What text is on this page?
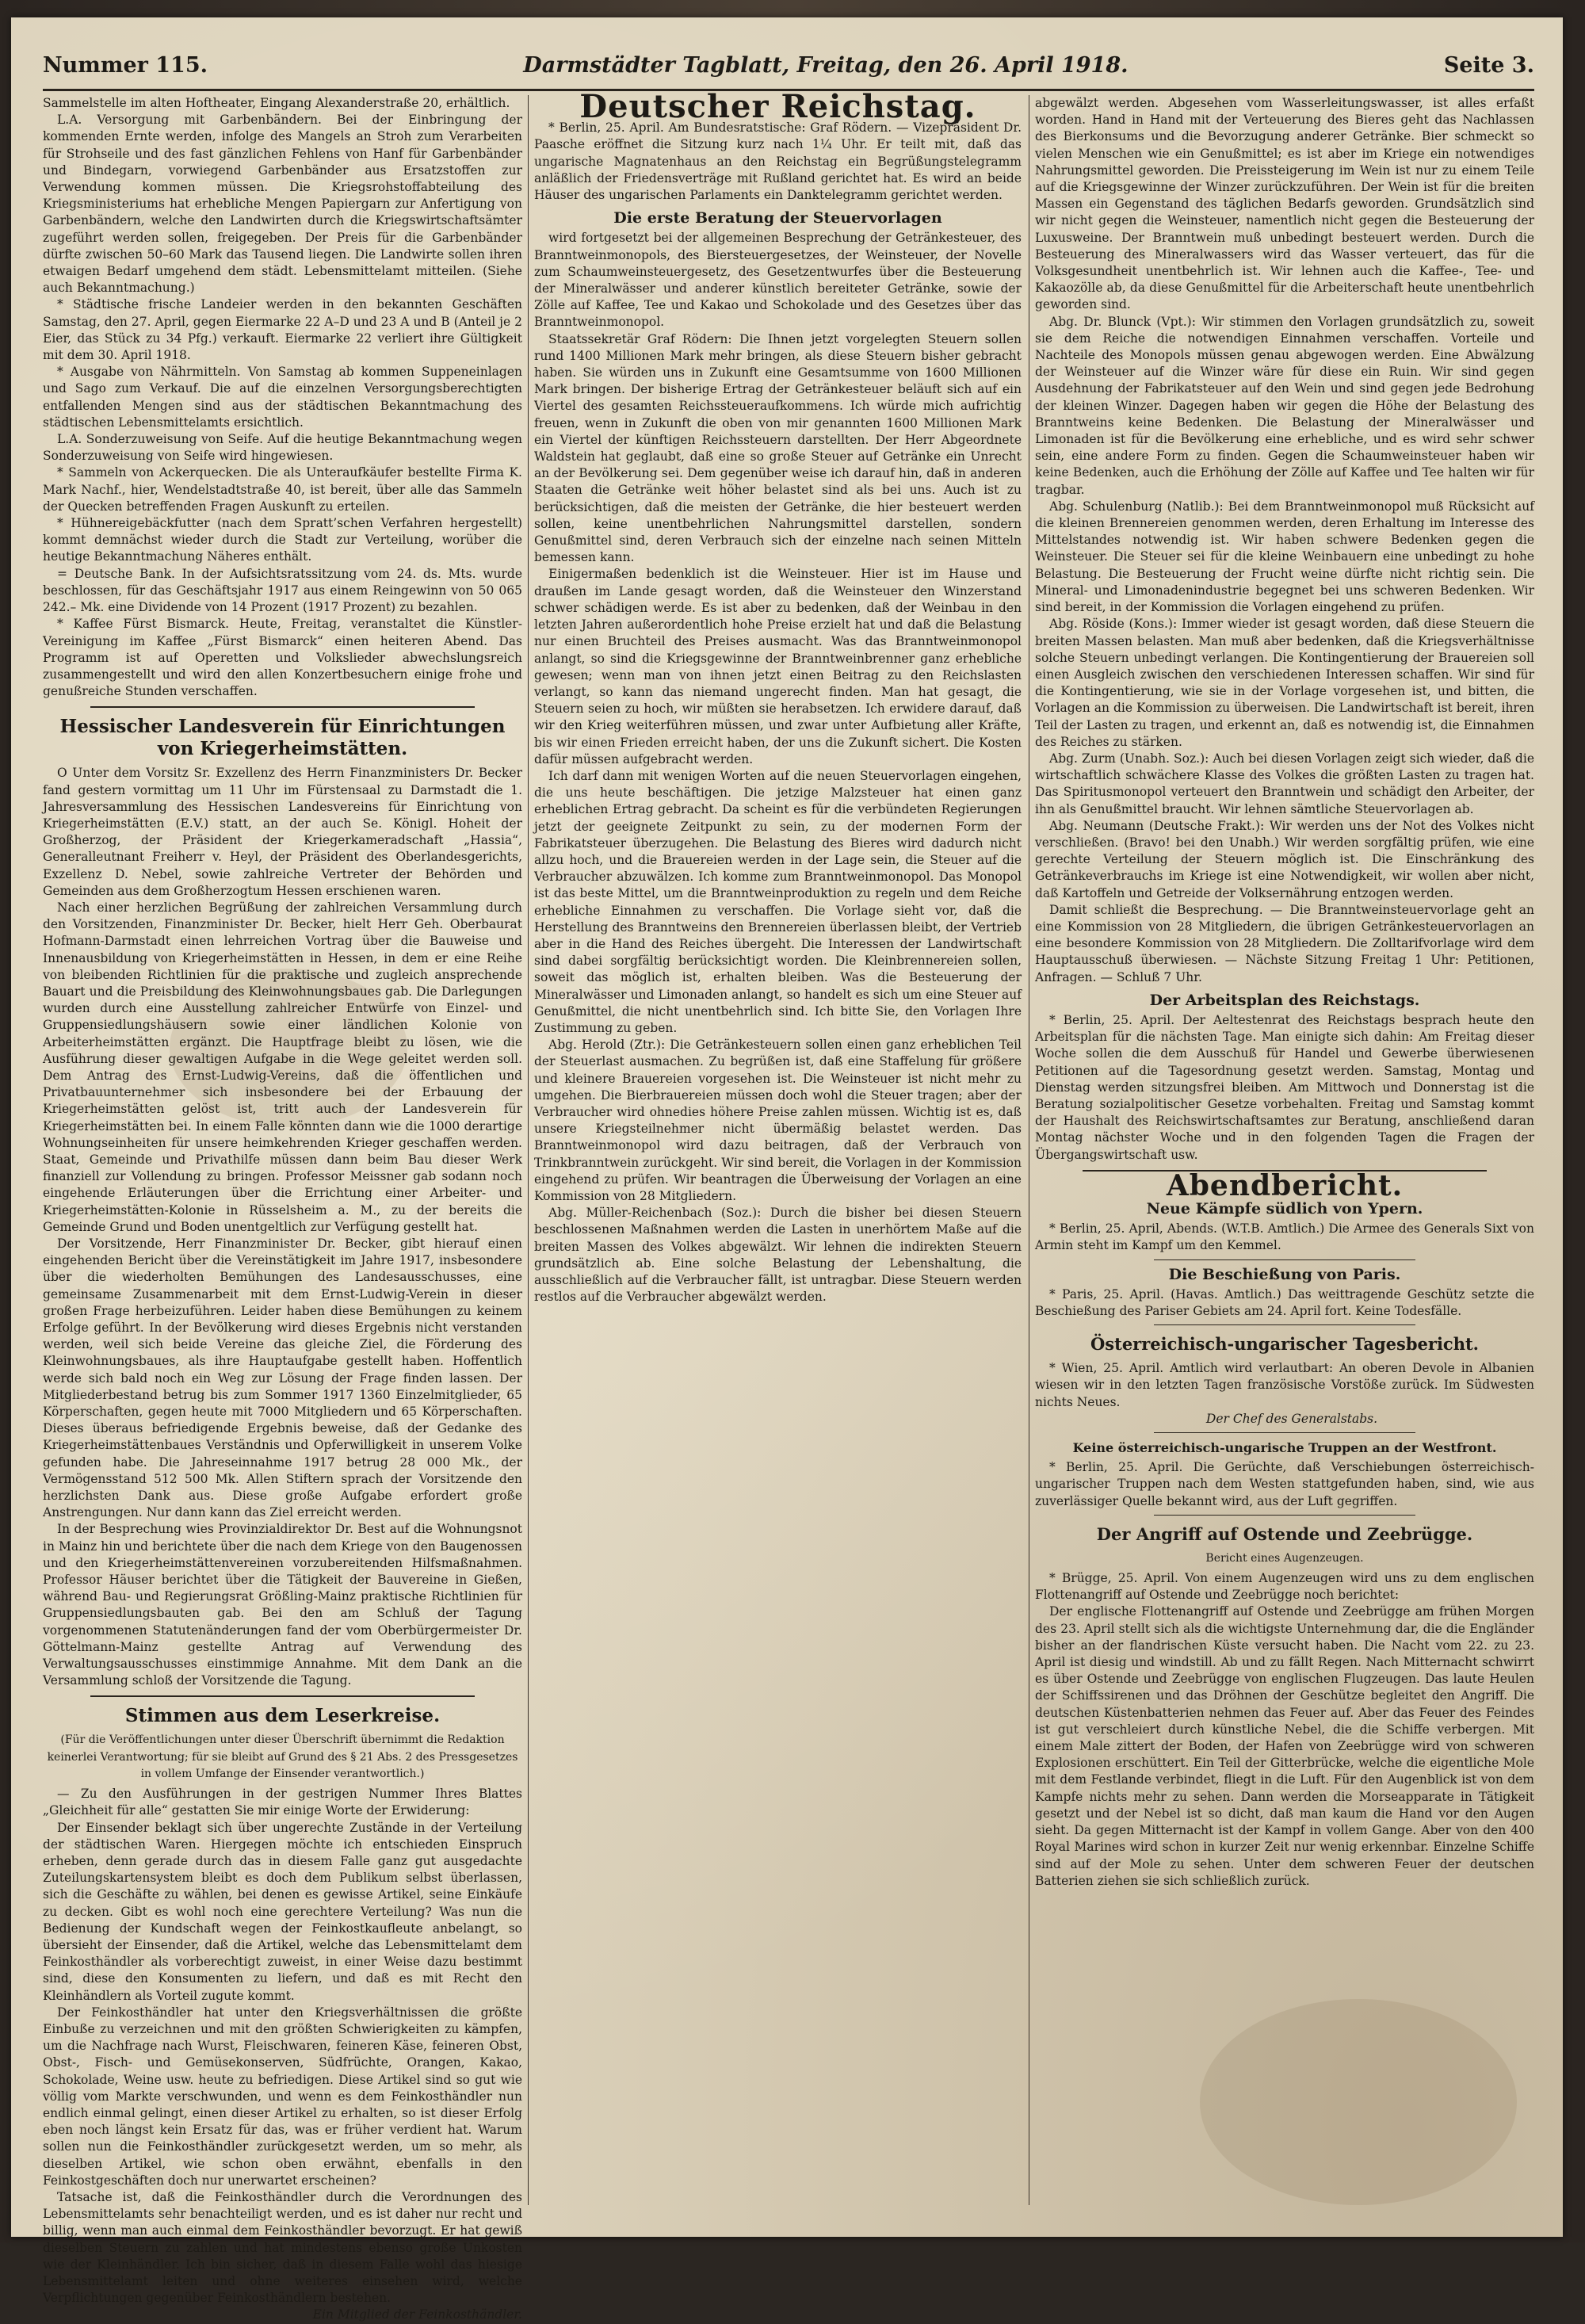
Nummer 115.	Darmstädter Tagblatt, Freitag, den 26. April 1918.	Seite 3.

Sammelstelle im alten Hoftheater, Eingang Alexanderstraße 20, erhältlich.

L.A. Versorgung mit Garbenbändern. Bei der Einbringung der kommenden Ernte werden, infolge des Mangels an Stroh zum Verarbeiten für Strohseile und des fast gänzlichen Fehlens von Hanf für Garbenbänder und Bindegarn, vorwiegend Garbenbänder aus Ersatzstoffen zur Verwendung kommen müssen. Die Kriegsrohstoffabteilung des Kriegsministeriums hat erhebliche Mengen Papiergarn zur Anfertigung von Garbenbändern, welche den Landwirten durch die Kriegswirtschaftsämter zugeführt werden sollen, freigegeben. Der Preis für die Garbenbänder dürfte zwischen 50–60 Mark das Tausend liegen. Die Landwirte sollen ihren etwaigen Bedarf umgehend dem städt. Lebensmittelamt mitteilen. (Siehe auch Bekanntmachung.)

* Städtische frische Landeier werden in den bekannten Geschäften Samstag, den 27. April, gegen Eiermarke 22 A–D und 23 A und B (Anteil je 2 Eier, das Stück zu 34 Pfg.) verkauft. Eiermarke 22 verliert ihre Gültigkeit mit dem 30. April 1918.

* Ausgabe von Nährmitteln. Von Samstag ab kommen Suppeneinlagen und Sago zum Verkauf. Die auf die einzelnen Versorgungsberechtigten entfallenden Mengen sind aus der städtischen Bekanntmachung des städtischen Lebensmittelamts ersichtlich.

L.A. Sonderzuweisung von Seife. Auf die heutige Bekanntmachung wegen Sonderzuweisung von Seife wird hingewiesen.

* Sammeln von Ackerquecken. Die als Unteraufkäufer bestellte Firma K. Mark Nachf., hier, Wendelstadtstraße 40, ist bereit, über alle das Sammeln der Quecken betreffenden Fragen Auskunft zu erteilen.

* Hühnereigebäckfutter (nach dem Spratt’schen Verfahren hergestellt) kommt demnächst wieder durch die Stadt zur Verteilung, worüber die heutige Bekanntmachung Näheres enthält.

= Deutsche Bank. In der Aufsichtsratssitzung vom 24. ds. Mts. wurde beschlossen, für das Geschäftsjahr 1917 aus einem Reingewinn von 50 065 242.– Mk. eine Dividende von 14 Prozent (1917 Prozent) zu bezahlen.

* Kaffee Fürst Bismarck. Heute, Freitag, veranstaltet die Künstler-Vereinigung im Kaffee „Fürst Bismarck“ einen heiteren Abend. Das Programm ist auf Operetten und Volkslieder abwechslungsreich zusammengestellt und wird den allen Konzertbesuchern einige frohe und genußreiche Stunden verschaffen.

Hessischer Landesverein für Einrichtungen von Kriegerheimstätten.

O Unter dem Vorsitz Sr. Exzellenz des Herrn Finanzministers Dr. Becker fand gestern vormittag um 11 Uhr im Fürstensaal zu Darmstadt die 1. Jahresversammlung des Hessischen Landesvereins für Einrichtung von Kriegerheimstätten (E.V.) statt, an der auch Se. Königl. Hoheit der Großherzog, der Präsident der Kriegerkameradschaft „Hassia“, Generalleutnant Freiherr v. Heyl, der Präsident des Oberlandesgerichts, Exzellenz D. Nebel, sowie zahlreiche Vertreter der Behörden und Gemeinden aus dem Großherzogtum Hessen erschienen waren.

Nach einer herzlichen Begrüßung der zahlreichen Versammlung durch den Vorsitzenden, Finanzminister Dr. Becker, hielt Herr Geh. Oberbaurat Hofmann-Darmstadt einen lehrreichen Vortrag über die Bauweise und Innenausbildung von Kriegerheimstätten in Hessen, in dem er eine Reihe von bleibenden Richtlinien für die praktische und zugleich ansprechende Bauart und die Preisbildung des Kleinwohnungsbaues gab. Die Darlegungen wurden durch eine Ausstellung zahlreicher Entwürfe von Einzel- und Gruppensiedlungshäusern sowie einer ländlichen Kolonie von Arbeiterheimstätten ergänzt. Die Hauptfrage bleibt zu lösen, wie die Ausführung dieser gewaltigen Aufgabe in die Wege geleitet werden soll. Dem Antrag des Ernst-Ludwig-Vereins, daß die öffentlichen und Privatbauunternehmer sich insbesondere bei der Erbauung der Kriegerheimstätten gelöst ist, tritt auch der Landesverein für Kriegerheimstätten bei. In einem Falle könnten dann wie die 1000 derartige Wohnungseinheiten für unsere heimkehrenden Krieger geschaffen werden. Staat, Gemeinde und Privathilfe müssen dann beim Bau dieser Werk finanziell zur Vollendung zu bringen. Professor Meissner gab sodann noch eingehende Erläuterungen über die Errichtung einer Arbeiter- und Kriegerheimstätten-Kolonie in Rüsselsheim a. M., zu der bereits die Gemeinde Grund und Boden unentgeltlich zur Verfügung gestellt hat.

Der Vorsitzende, Herr Finanzminister Dr. Becker, gibt hierauf einen eingehenden Bericht über die Vereinstätigkeit im Jahre 1917, insbesondere über die wiederholten Bemühungen des Landesausschusses, eine gemeinsame Zusammenarbeit mit dem Ernst-Ludwig-Verein in dieser großen Frage herbeizuführen. Leider haben diese Bemühungen zu keinem Erfolge geführt. In der Bevölkerung wird dieses Ergebnis nicht verstanden werden, weil sich beide Vereine das gleiche Ziel, die Förderung des Kleinwohnungsbaues, als ihre Hauptaufgabe gestellt haben. Hoffentlich werde sich bald noch ein Weg zur Lösung der Frage finden lassen. Der Mitgliederbestand betrug bis zum Sommer 1917 1360 Einzelmitglieder, 65 Körperschaften, gegen heute mit 7000 Mitgliedern und 65 Körperschaften. Dieses überaus befriedigende Ergebnis beweise, daß der Gedanke des Kriegerheimstättenbaues Verständnis und Opferwilligkeit in unserem Volke gefunden habe. Die Jahreseinnahme 1917 betrug 28 000 Mk., der Vermögensstand 512 500 Mk. Allen Stiftern sprach der Vorsitzende den herzlichsten Dank aus. Diese große Aufgabe erfordert große Anstrengungen. Nur dann kann das Ziel erreicht werden.

In der Besprechung wies Provinzialdirektor Dr. Best auf die Wohnungsnot in Mainz hin und berichtete über die nach dem Kriege von den Baugenossen und den Kriegerheimstättenvereinen vorzubereitenden Hilfsmaßnahmen. Professor Häuser berichtet über die Tätigkeit der Bauvereine in Gießen, während Bau- und Regierungsrat Größling-Mainz praktische Richtlinien für Gruppensiedlungsbauten gab. Bei den am Schluß der Tagung vorgenommenen Statutenänderungen fand der vom Oberbürgermeister Dr. Göttelmann-Mainz gestellte Antrag auf Verwendung des Verwaltungsausschusses einstimmige Annahme. Mit dem Dank an die Versammlung schloß der Vorsitzende die Tagung.

Stimmen aus dem Leserkreise.
(Für die Veröffentlichungen unter dieser Überschrift übernimmt die Redaktion keinerlei Verantwortung; für sie bleibt auf Grund des § 21 Abs. 2 des Pressgesetzes in vollem Umfange der Einsender verantwortlich.)

— Zu den Ausführungen in der gestrigen Nummer Ihres Blattes „Gleichheit für alle“ gestatten Sie mir einige Worte der Erwiderung:

Der Einsender beklagt sich über ungerechte Zustände in der Verteilung der städtischen Waren. Hiergegen möchte ich entschieden Einspruch erheben, denn gerade durch das in diesem Falle ganz gut ausgedachte Zuteilungskartensystem bleibt es doch dem Publikum selbst überlassen, sich die Geschäfte zu wählen, bei denen es gewisse Artikel, seine Einkäufe zu decken. Gibt es wohl noch eine gerechtere Verteilung? Was nun die Bedienung der Kundschaft wegen der Feinkostkaufleute anbelangt, so übersieht der Einsender, daß die Artikel, welche das Lebensmittelamt dem Feinkosthändler als vorberechtigt zuweist, in einer Weise dazu bestimmt sind, diese den Konsumenten zu liefern, und daß es mit Recht den Kleinhändlern als Vorteil zugute kommt.

Der Feinkosthändler hat unter den Kriegsverhältnissen die größte Einbuße zu verzeichnen und mit den größten Schwierigkeiten zu kämpfen, um die Nachfrage nach Wurst, Fleischwaren, feineren Käse, feineren Obst, Obst-, Fisch- und Gemüsekonserven, Südfrüchte, Orangen, Kakao, Schokolade, Weine usw. heute zu befriedigen. Diese Artikel sind so gut wie völlig vom Markte verschwunden, und wenn es dem Feinkosthändler nun endlich einmal gelingt, einen dieser Artikel zu erhalten, so ist dieser Erfolg eben noch längst kein Ersatz für das, was er früher verdient hat. Warum sollen nun die Feinkosthändler zurückgesetzt werden, um so mehr, als dieselben Artikel, wie schon oben erwähnt, ebenfalls in den Feinkostgeschäften doch nur unerwartet erscheinen?

Tatsache ist, daß die Feinkosthändler durch die Verordnungen des Lebensmittelamts sehr benachteiligt werden, und es ist daher nur recht und billig, wenn man auch einmal dem Feinkosthändler bevorzugt. Er hat gewiß dieselben Steuern zu zahlen und hat mindestens ebenso große Unkosten wie der Kleinhändler. Ich bin sicher, daß in diesem Falle wohl das hiesige Lebensmittelamt leiten und ohne weiteres einsehen wird, welche Verpflichtungen gegenüber Feinkosthändlern bestehen.

Ein Mitglied der Feinkosthändler.

Deutscher Reichstag.

* Berlin, 25. April. Am Bundesratstische: Graf Rödern. — Vizepräsident Dr. Paasche eröffnet die Sitzung kurz nach 1¼ Uhr. Er teilt mit, daß das ungarische Magnatenhaus an den Reichstag ein Begrüßungstelegramm anläßlich der Friedensverträge mit Rußland gerichtet hat. Es wird an beide Häuser des ungarischen Parlaments ein Danktelegramm gerichtet werden.

Die erste Beratung der Steuervorlagen

wird fortgesetzt bei der allgemeinen Besprechung der Getränkesteuer, des Branntweinmonopols, des Biersteuergesetzes, der Weinsteuer, der Novelle zum Schaumweinsteuergesetz, des Gesetzentwurfes über die Besteuerung der Mineralwässer und anderer künstlich bereiteter Getränke, sowie der Zölle auf Kaffee, Tee und Kakao und Schokolade und des Gesetzes über das Branntweinmonopol.

Staatssekretär Graf Rödern: Die Ihnen jetzt vorgelegten Steuern sollen rund 1400 Millionen Mark mehr bringen, als diese Steuern bisher gebracht haben. Sie würden uns in Zukunft eine Gesamtsumme von 1600 Millionen Mark bringen. Der bisherige Ertrag der Getränkesteuer beläuft sich auf ein Viertel des gesamten Reichssteueraufkommens. Ich würde mich aufrichtig freuen, wenn in Zukunft die oben von mir genannten 1600 Millionen Mark ein Viertel der künftigen Reichssteuern darstellten. Der Herr Abgeordnete Waldstein hat geglaubt, daß eine so große Steuer auf Getränke ein Unrecht an der Bevölkerung sei. Dem gegenüber weise ich darauf hin, daß in anderen Staaten die Getränke weit höher belastet sind als bei uns. Auch ist zu berücksichtigen, daß die meisten der Getränke, die hier besteuert werden sollen, keine unentbehrlichen Nahrungsmittel darstellen, sondern Genußmittel sind, deren Verbrauch sich der einzelne nach seinen Mitteln bemessen kann.

Einigermaßen bedenklich ist die Weinsteuer. Hier ist im Hause und draußen im Lande gesagt worden, daß die Weinsteuer den Winzerstand schwer schädigen werde. Es ist aber zu bedenken, daß der Weinbau in den letzten Jahren außerordentlich hohe Preise erzielt hat und daß die Belastung nur einen Bruchteil des Preises ausmacht. Was das Branntweinmonopol anlangt, so sind die Kriegsgewinne der Branntweinbrenner ganz erhebliche gewesen; wenn man von ihnen jetzt einen Beitrag zu den Reichslasten verlangt, so kann das niemand ungerecht finden. Man hat gesagt, die Steuern seien zu hoch, wir müßten sie herabsetzen. Ich erwidere darauf, daß wir den Krieg weiterführen müssen, und zwar unter Aufbietung aller Kräfte, bis wir einen Frieden erreicht haben, der uns die Zukunft sichert. Die Kosten dafür müssen aufgebracht werden.

Ich darf dann mit wenigen Worten auf die neuen Steuervorlagen eingehen, die uns heute beschäftigen. Die jetzige Malzsteuer hat einen ganz erheblichen Ertrag gebracht. Da scheint es für die verbündeten Regierungen jetzt der geeignete Zeitpunkt zu sein, zu der modernen Form der Fabrikatsteuer überzugehen. Die Belastung des Bieres wird dadurch nicht allzu hoch, und die Brauereien werden in der Lage sein, die Steuer auf die Verbraucher abzuwälzen. Ich komme zum Branntweinmonopol. Das Monopol ist das beste Mittel, um die Branntweinproduktion zu regeln und dem Reiche erhebliche Einnahmen zu verschaffen. Die Vorlage sieht vor, daß die Herstellung des Branntweins den Brennereien überlassen bleibt, der Vertrieb aber in die Hand des Reiches übergeht. Die Interessen der Landwirtschaft sind dabei sorgfältig berücksichtigt worden. Die Kleinbrennereien sollen, soweit das möglich ist, erhalten bleiben. Was die Besteuerung der Mineralwässer und Limonaden anlangt, so handelt es sich um eine Steuer auf Genußmittel, die nicht unentbehrlich sind. Ich bitte Sie, den Vorlagen Ihre Zustimmung zu geben.

Abg. Herold (Ztr.): Die Getränkesteuern sollen einen ganz erheblichen Teil der Steuerlast ausmachen. Zu begrüßen ist, daß eine Staffelung für größere und kleinere Brauereien vorgesehen ist. Die Weinsteuer ist nicht mehr zu umgehen. Die Bierbrauereien müssen doch wohl die Steuer tragen; aber der Verbraucher wird ohnedies höhere Preise zahlen müssen. Wichtig ist es, daß unsere Kriegsteilnehmer nicht übermäßig belastet werden. Das Branntweinmonopol wird dazu beitragen, daß der Verbrauch von Trinkbranntwein zurückgeht. Wir sind bereit, die Vorlagen in der Kommission eingehend zu prüfen. Wir beantragen die Überweisung der Vorlagen an eine Kommission von 28 Mitgliedern.

Abg. Müller-Reichenbach (Soz.): Durch die bisher bei diesen Steuern beschlossenen Maßnahmen werden die Lasten in unerhörtem Maße auf die breiten Massen des Volkes abgewälzt. Wir lehnen die indirekten Steuern grundsätzlich ab. Eine solche Belastung der Lebenshaltung, die ausschließlich auf die Verbraucher fällt, ist untragbar. Diese Steuern werden restlos auf die Verbraucher abgewälzt werden.

abgewälzt werden. Abgesehen vom Wasserleitungswasser, ist alles erfaßt worden. Hand in Hand mit der Verteuerung des Bieres geht das Nachlassen des Bierkonsums und die Bevorzugung anderer Getränke. Bier schmeckt so vielen Menschen wie ein Genußmittel; es ist aber im Kriege ein notwendiges Nahrungsmittel geworden. Die Preissteigerung im Wein ist nur zu einem Teile auf die Kriegsgewinne der Winzer zurückzuführen. Der Wein ist für die breiten Massen ein Gegenstand des täglichen Bedarfs geworden. Grundsätzlich sind wir nicht gegen die Weinsteuer, namentlich nicht gegen die Besteuerung der Luxusweine. Der Branntwein muß unbedingt besteuert werden. Durch die Besteuerung des Mineralwassers wird das Wasser verteuert, das für die Volksgesundheit unentbehrlich ist. Wir lehnen auch die Kaffee-, Tee- und Kakaozölle ab, da diese Genußmittel für die Arbeiterschaft heute unentbehrlich geworden sind.

Abg. Dr. Blunck (Vpt.): Wir stimmen den Vorlagen grundsätzlich zu, soweit sie dem Reiche die notwendigen Einnahmen verschaffen. Vorteile und Nachteile des Monopols müssen genau abgewogen werden. Eine Abwälzung der Weinsteuer auf die Winzer wäre für diese ein Ruin. Wir sind gegen Ausdehnung der Fabrikatsteuer auf den Wein und sind gegen jede Bedrohung der kleinen Winzer. Dagegen haben wir gegen die Höhe der Belastung des Branntweins keine Bedenken. Die Belastung der Mineralwässer und Limonaden ist für die Bevölkerung eine erhebliche, und es wird sehr schwer sein, eine andere Form zu finden. Gegen die Schaumweinsteuer haben wir keine Bedenken, auch die Erhöhung der Zölle auf Kaffee und Tee halten wir für tragbar.

Abg. Schulenburg (Natlib.): Bei dem Branntweinmonopol muß Rücksicht auf die kleinen Brennereien genommen werden, deren Erhaltung im Interesse des Mittelstandes notwendig ist. Wir haben schwere Bedenken gegen die Weinsteuer. Die Steuer sei für die kleine Weinbauern eine unbedingt zu hohe Belastung. Die Besteuerung der Frucht weine dürfte nicht richtig sein. Die Mineral- und Limonadenindustrie begegnet bei uns schweren Bedenken. Wir sind bereit, in der Kommission die Vorlagen eingehend zu prüfen.

Abg. Röside (Kons.): Immer wieder ist gesagt worden, daß diese Steuern die breiten Massen belasten. Man muß aber bedenken, daß die Kriegsverhältnisse solche Steuern unbedingt verlangen. Die Kontingentierung der Brauereien soll einen Ausgleich zwischen den verschiedenen Interessen schaffen. Wir sind für die Kontingentierung, wie sie in der Vorlage vorgesehen ist, und bitten, die Vorlagen an die Kommission zu überweisen. Die Landwirtschaft ist bereit, ihren Teil der Lasten zu tragen, und erkennt an, daß es notwendig ist, die Einnahmen des Reiches zu stärken.

Abg. Zurm (Unabh. Soz.): Auch bei diesen Vorlagen zeigt sich wieder, daß die wirtschaftlich schwächere Klasse des Volkes die größten Lasten zu tragen hat. Das Spiritusmonopol verteuert den Branntwein und schädigt den Arbeiter, der ihn als Genußmittel braucht. Wir lehnen sämtliche Steuervorlagen ab.

Abg. Neumann (Deutsche Frakt.): Wir werden uns der Not des Volkes nicht verschließen. (Bravo! bei den Unabh.) Wir werden sorgfältig prüfen, wie eine gerechte Verteilung der Steuern möglich ist. Die Einschränkung des Getränkeverbrauchs im Kriege ist eine Notwendigkeit, wir wollen aber nicht, daß Kartoffeln und Getreide der Volksernährung entzogen werden.

Damit schließt die Besprechung. — Die Branntweinsteuervorlage geht an eine Kommission von 28 Mitgliedern, die übrigen Getränkesteuervorlagen an eine besondere Kommission von 28 Mitgliedern. Die Zolltarifvorlage wird dem Hauptausschuß überwiesen. — Nächste Sitzung Freitag 1 Uhr: Petitionen, Anfragen. — Schluß 7 Uhr.

Der Arbeitsplan des Reichstags.

* Berlin, 25. April. Der Aeltestenrat des Reichstags besprach heute den Arbeitsplan für die nächsten Tage. Man einigte sich dahin: Am Freitag dieser Woche sollen die dem Ausschuß für Handel und Gewerbe überwiesenen Petitionen auf die Tagesordnung gesetzt werden. Samstag, Montag und Dienstag werden sitzungsfrei bleiben. Am Mittwoch und Donnerstag ist die Beratung sozialpolitischer Gesetze vorbehalten. Freitag und Samstag kommt der Haushalt des Reichswirtschaftsamtes zur Beratung, anschließend daran Montag nächster Woche und in den folgenden Tagen die Fragen der Übergangswirtschaft usw.

Abendbericht.
Neue Kämpfe südlich von Ypern.

* Berlin, 25. April, Abends. (W.T.B. Amtlich.) Die Armee des Generals Sixt von Armin steht im Kampf um den Kemmel.

Die Beschießung von Paris.

* Paris, 25. April. (Havas. Amtlich.) Das weittragende Geschütz setzte die Beschießung des Pariser Gebiets am 24. April fort. Keine Todesfälle.

Österreichisch-ungarischer Tagesbericht.

* Wien, 25. April. Amtlich wird verlautbart: An oberen Devole in Albanien wiesen wir in den letzten Tagen französische Vorstöße zurück. Im Südwesten nichts Neues.

Der Chef des Generalstabs.

Keine österreichisch-ungarische Truppen an der Westfront.

* Berlin, 25. April. Die Gerüchte, daß Verschiebungen österreichisch-ungarischer Truppen nach dem Westen stattgefunden haben, sind, wie aus zuverlässiger Quelle bekannt wird, aus der Luft gegriffen.

Der Angriff auf Ostende und Zeebrügge.
Bericht eines Augenzeugen.

* Brügge, 25. April. Von einem Augenzeugen wird uns zu dem englischen Flottenangriff auf Ostende und Zeebrügge noch berichtet:

Der englische Flottenangriff auf Ostende und Zeebrügge am frühen Morgen des 23. April stellt sich als die wichtigste Unternehmung dar, die die Engländer bisher an der flandrischen Küste versucht haben. Die Nacht vom 22. zu 23. April ist diesig und windstill. Ab und zu fällt Regen. Nach Mitternacht schwirrt es über Ostende und Zeebrügge von englischen Flugzeugen. Das laute Heulen der Schiffssirenen und das Dröhnen der Geschütze begleitet den Angriff. Die deutschen Küstenbatterien nehmen das Feuer auf. Aber das Feuer des Feindes ist gut verschleiert durch künstliche Nebel, die die Schiffe verbergen. Mit einem Male zittert der Boden, der Hafen von Zeebrügge wird von schweren Explosionen erschüttert. Ein Teil der Gitterbrücke, welche die eigentliche Mole mit dem Festlande verbindet, fliegt in die Luft. Für den Augenblick ist von dem Kampfe nichts mehr zu sehen. Dann werden die Morseapparate in Tätigkeit gesetzt und der Nebel ist so dicht, daß man kaum die Hand vor den Augen sieht. Da gegen Mitternacht ist der Kampf in vollem Gange. Aber von den 400 Royal Marines wird schon in kurzer Zeit nur wenig erkennbar. Einzelne Schiffe sind auf der Mole zu sehen. Unter dem schweren Feuer der deutschen Batterien ziehen sie sich schließlich zurück.
